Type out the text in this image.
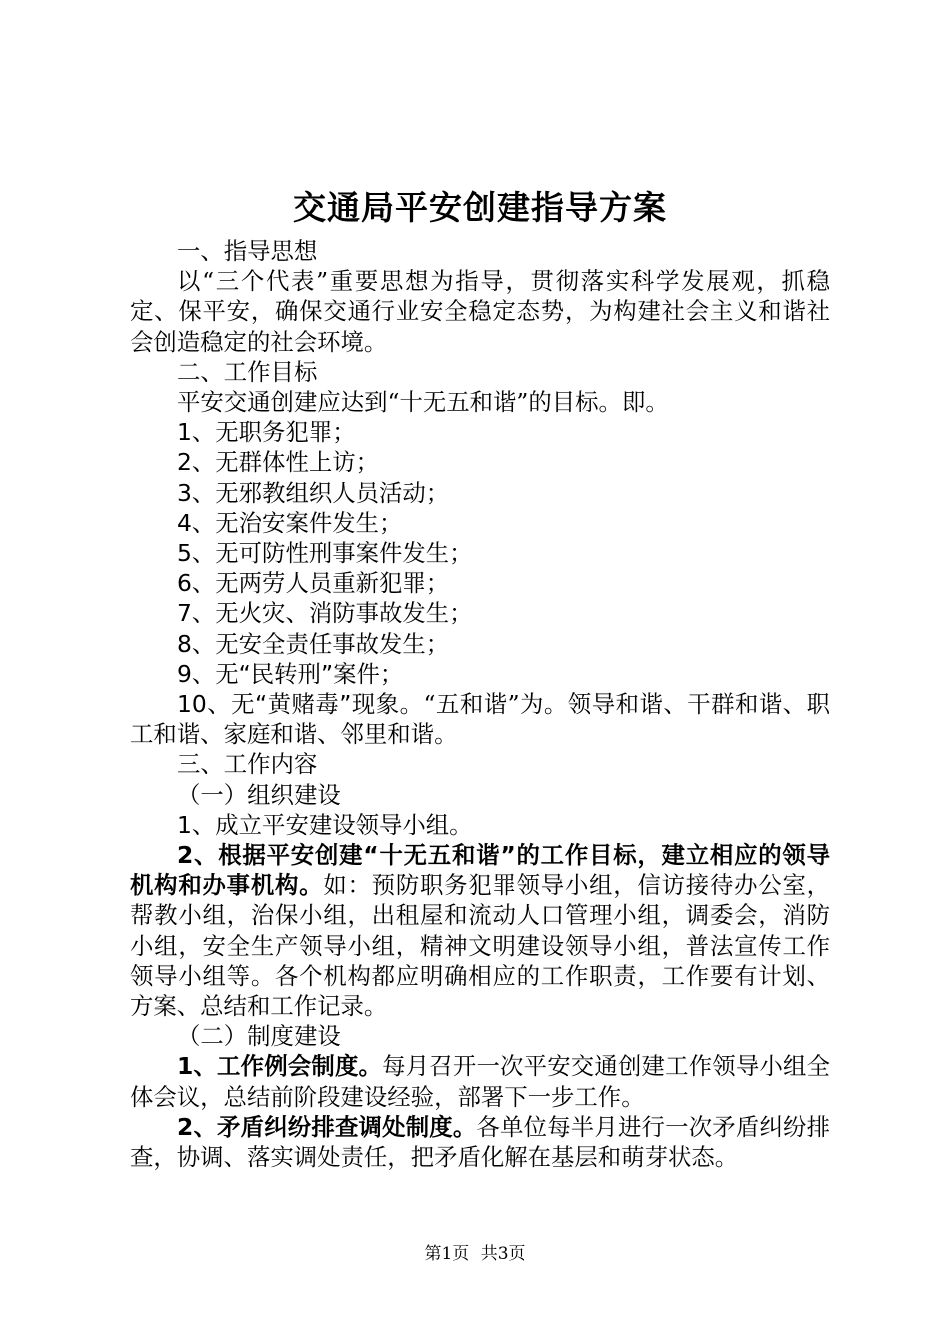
交通局平安创建指导方案

一、指导思想

以“三个代表”重要思想为指导，贯彻落实科学发展观，抓稳定、保平安，确保交通行业安全稳定态势，为构建社会主义和谐社会创造稳定的社会环境。

二、工作目标

平安交通创建应达到“十无五和谐”的目标。即。

1、无职务犯罪；

2、无群体性上访；

3、无邪教组织人员活动；

4、无治安案件发生；

5、无可防性刑事案件发生；

6、无两劳人员重新犯罪；

7、无火灾、消防事故发生；

8、无安全责任事故发生；

9、无“民转刑”案件；

10、无“黄赌毒”现象。“五和谐”为。领导和谐、干群和谐、职工和谐、家庭和谐、邻里和谐。

三、工作内容

（一）组织建设

1、成立平安建设领导小组。

2、根据平安创建“十无五和谐”的工作目标，建立相应的领导机构和办事机构。如：预防职务犯罪领导小组，信访接待办公室，帮教小组，治保小组，出租屋和流动人口管理小组，调委会，消防小组，安全生产领导小组，精神文明建设领导小组，普法宣传工作领导小组等。各个机构都应明确相应的工作职责，工作要有计划、方案、总结和工作记录。

（二）制度建设

1、工作例会制度。每月召开一次平安交通创建工作领导小组全体会议，总结前阶段建设经验，部署下一步工作。

2、矛盾纠纷排查调处制度。各单位每半月进行一次矛盾纠纷排查，协调、落实调处责任，把矛盾化解在基层和萌芽状态。

第1页 共3页
